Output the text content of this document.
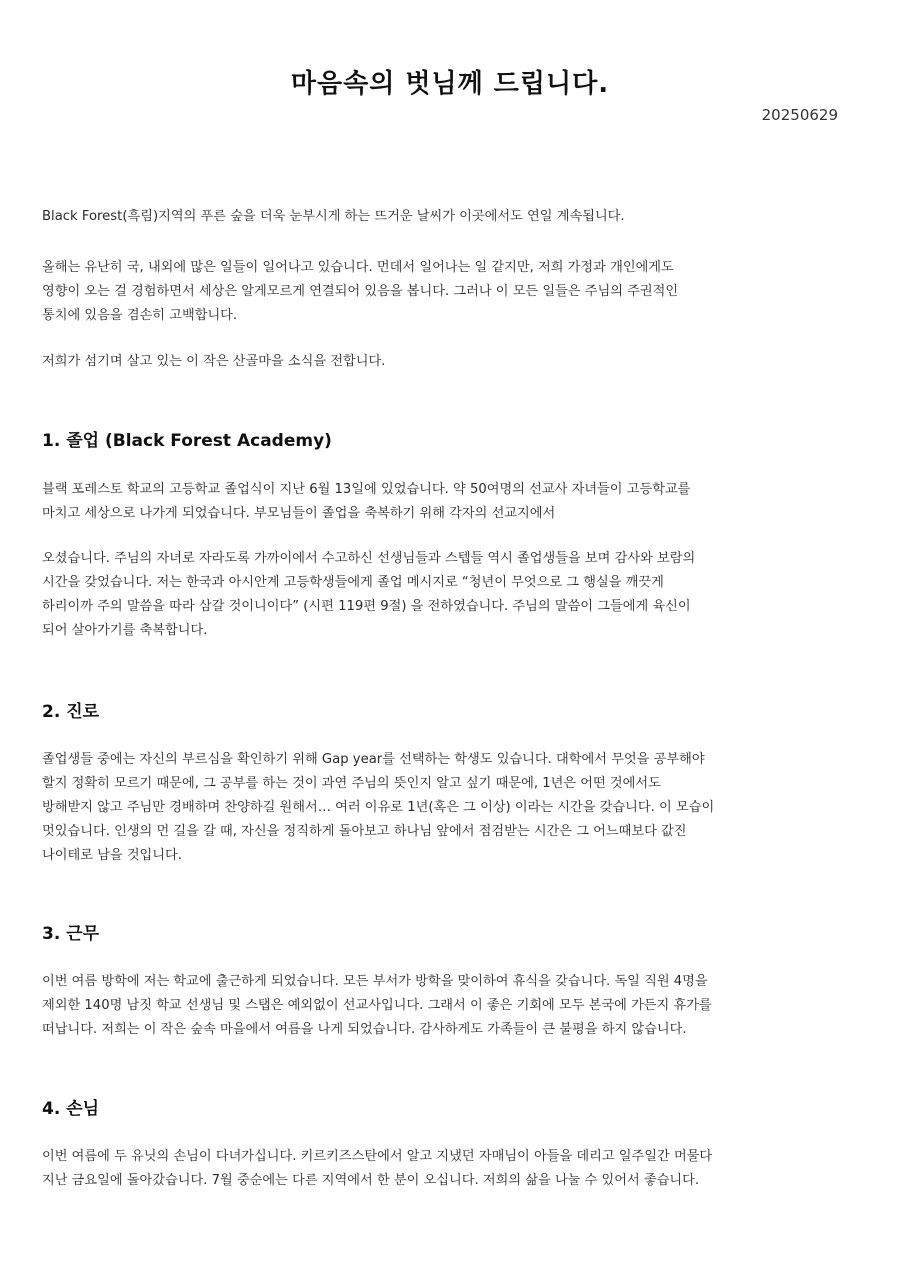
마음속의 벗님께 드립니다.
20250629
Black Forest(흑림)지역의 푸른 숲을 더욱 눈부시게 하는 뜨거운 날씨가 이곳에서도 연일 계속됩니다.
올해는 유난히 국, 내외에 많은 일들이 일어나고 있습니다. 먼데서 일어나는 일 같지만, 저희 가정과 개인에게도
영향이 오는 걸 경험하면서 세상은 알게모르게 연결되어 있음을 봅니다. 그러나 이 모든 일들은 주님의 주권적인
통치에 있음을 겸손히 고백합니다.
저희가 섬기며 살고 있는 이 작은 산골마을 소식을 전합니다.
1. 졸업 (Black Forest Academy)
블랙 포레스토 학교의 고등학교 졸업식이 지난 6월 13일에 있었습니다. 약 50여명의 선교사 자녀들이 고등학교를
마치고 세상으로 나가게 되었습니다. 부모님들이 졸업을 축복하기 위해 각자의 선교지에서
오셨습니다. 주님의 자녀로 자라도록 가까이에서 수고하신 선생님들과 스텝들 역시 졸업생들을 보며 감사와 보람의
시간을 갖었습니다. 저는 한국과 아시안계 고등학생들에게 졸업 메시지로 “청년이 무엇으로 그 행실을 깨끗게
하리이까 주의 말씀을 따라 삼갈 것이니이다” (시편 119편 9절) 을 전하였습니다. 주님의 말씀이 그들에게 육신이
되어 살아가기를 축복합니다.
2. 진로
졸업생들 중에는 자신의 부르심을 확인하기 위해 Gap year를 선택하는 학생도 있습니다. 대학에서 무엇을 공부해야
할지 정확히 모르기 때문에, 그 공부를 하는 것이 과연 주님의 뜻인지 알고 싶기 때문에, 1년은 어떤 것에서도
방해받지 않고 주님만 경배하며 찬양하길 원해서… 여러 이유로 1년(혹은 그 이상) 이라는 시간을 갖습니다. 이 모습이
멋있습니다. 인생의 먼 길을 갈 때, 자신을 정직하게 돌아보고 하나님 앞에서 점검받는 시간은 그 어느때보다 값진
나이테로 남을 것입니다.
3. 근무
이번 여름 방학에 저는 학교에 출근하게 되었습니다. 모든 부서가 방학을 맞이하여 휴식을 갖습니다. 독일 직원 4명을
제외한 140명 남짓 학교 선생님 및 스탭은 예외없이 선교사입니다. 그래서 이 좋은 기회에 모두 본국에 가든지 휴가를
떠납니다. 저희는 이 작은 숲속 마을에서 여름을 나게 되었습니다. 감사하게도 가족들이 큰 불평을 하지 않습니다.
4. 손님
이번 여름에 두 유닛의 손님이 다녀가십니다. 키르키즈스탄에서 알고 지냈던 자매님이 아들을 데리고 일주일간 머물다
지난 금요일에 돌아갔습니다. 7월 중순에는 다른 지역에서 한 분이 오십니다. 저희의 삶을 나눌 수 있어서 좋습니다.
